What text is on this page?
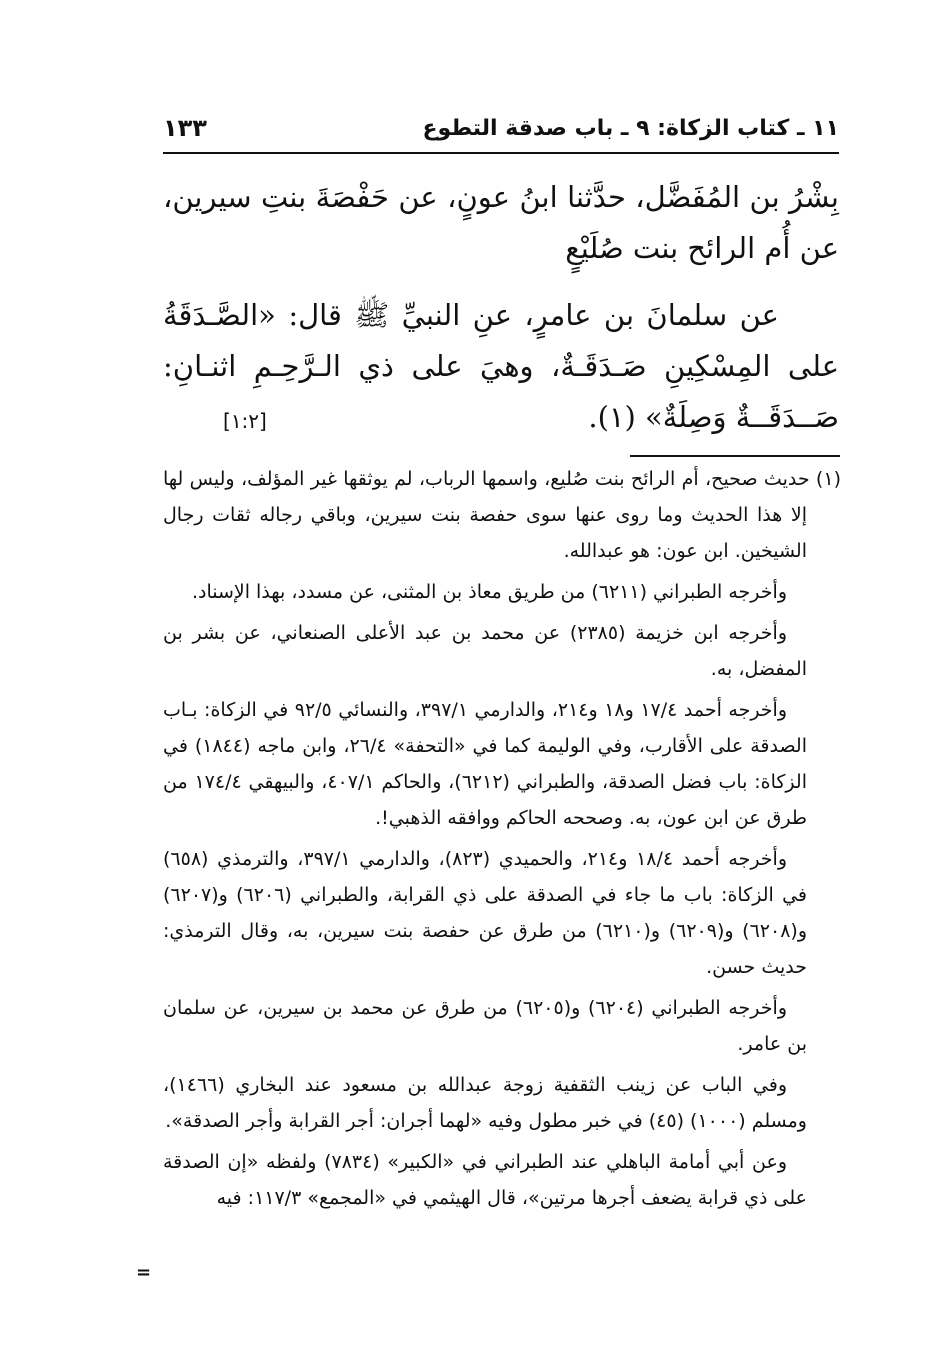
١١ ـ كتاب الزكاة: ٩ ـ باب صدقة التطوع
١٣٣

بِشْرُ بن المُفَضَّل، حدَّثنا ابنُ عونٍ، عن حَفْصَةَ بنتِ سيرين، عن أُم الرائح بنت صُلَيْعٍ

عن سلمانَ بن عامرٍ، عنِ النبيِّ ﷺ قال: «الصَّـدَقَةُ على المِسْكِينِ صَـدَقَـةٌ، وهيَ على ذي الـرَّحِـمِ اثنـانِ: صَــدَقَــةٌ وَصِلَةٌ» (١).
[١:٢]

(١) حديث صحيح، أم الرائح بنت صُليع، واسمها الرباب، لم يوثقها غير المؤلف، وليس لها إلا هذا الحديث وما روى عنها سوى حفصة بنت سيرين، وباقي رجاله ثقات رجال الشيخين. ابن عون: هو عبدالله.

وأخرجه الطبراني (٦٢١١) من طريق معاذ بن المثنى، عن مسدد، بهذا الإسناد.

وأخرجه ابن خزيمة (٢٣٨٥) عن محمد بن عبد الأعلى الصنعاني، عن بشر بن المفضل، به.

وأخرجه أحمد ١٧/٤ و١٨ و٢١٤، والدارمي ٣٩٧/١، والنسائي ٩٢/٥ في الزكاة: بـاب الصدقة على الأقارب، وفي الوليمة كما في «التحفة» ٢٦/٤، وابن ماجه (١٨٤٤) في الزكاة: باب فضل الصدقة، والطبراني (٦٢١٢)، والحاكم ٤٠٧/١، والبيهقي ١٧٤/٤ من طرق عن ابن عون، به. وصححه الحاكم ووافقه الذهبي!.

وأخرجه أحمد ١٨/٤ و٢١٤، والحميدي (٨٢٣)، والدارمي ٣٩٧/١، والترمذي (٦٥٨) في الزكاة: باب ما جاء في الصدقة على ذي القرابة، والطبراني (٦٢٠٦) و(٦٢٠٧) و(٦٢٠٨) و(٦٢٠٩) و(٦٢١٠) من طرق عن حفصة بنت سيرين، به، وقال الترمذي: حديث حسن.

وأخرجه الطبراني (٦٢٠٤) و(٦٢٠٥) من طرق عن محمد بن سيرين، عن سلمان بن عامر.

وفي الباب عن زينب الثقفية زوجة عبدالله بن مسعود عند البخاري (١٤٦٦)، ومسلم (١٠٠٠) (٤٥) في خبر مطول وفيه «لهما أجران: أجر القرابة وأجر الصدقة».

وعن أبي أمامة الباهلي عند الطبراني في «الكبير» (٧٨٣٤) ولفظه «إن الصدقة على ذي قرابة يضعف أجرها مرتين»، قال الهيثمي في «المجمع» ١١٧/٣: فيه

=
